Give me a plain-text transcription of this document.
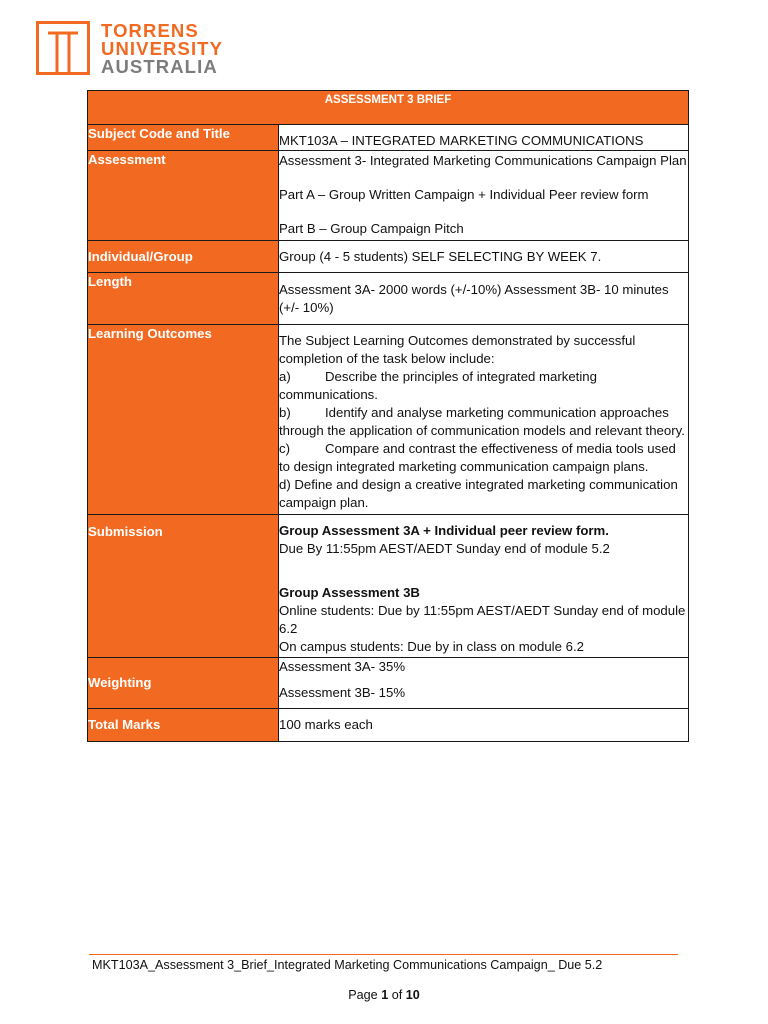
TORRENS
UNIVERSITY
AUSTRALIA
ASSESSMENT 3 BRIEF	
Subject Code and Title	MKT103A – INTEGRATED MARKETING COMMUNICATIONS
Assessment	Assessment 3- Integrated Marketing Communications Campaign Plan

Part A – Group Written Campaign + Individual Peer review form

Part B – Group Campaign Pitch

Individual/Group	Group (4 - 5 students) SELF SELECTING BY WEEK 7.
Length	Assessment 3A- 2000 words (+/-10%) Assessment 3B- 10 minutes (+/- 10%)
Learning Outcomes	The Subject Learning Outcomes demonstrated by successful completion of the task below include:

a) Describe the principles of integrated marketing communications.

b) Identify and analyse marketing communication approaches through the application of communication models and relevant theory.

c) Compare and contrast the effectiveness of media tools used to design integrated marketing communication campaign plans.

d) Define and design a creative integrated marketing communication campaign plan.

Submission	Group Assessment 3A + Individual peer review form.

Due By 11:55pm AEST/AEDT Sunday end of module 5.2

Group Assessment 3B

Online students: Due by 11:55pm AEST/AEDT Sunday end of module 6.2

On campus students: Due by in class on module 6.2

Weighting	Assessment 3A- 35%

Assessment 3B- 15%

Total Marks	100 marks each
MKT103A_Assessment 3_Brief_Integrated Marketing Communications Campaign_ Due 5.2
Page 1 of 10
